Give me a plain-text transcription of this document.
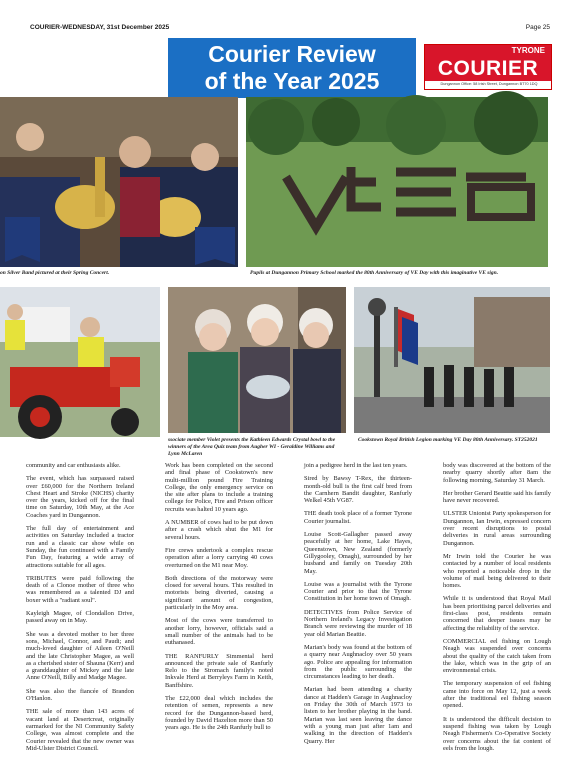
COURIER-WEDNESDAY, 31st December 2025	Page 25
Courier Review
of the Year 2025
TYRONE
COURIER
Dungannon Office: 58 Irish Street, Dungannon BT70 1DQ
on Silver Band pictured at their Spring Concert.	Pupils at Dungannon Primary School marked the 80th Anniversary of VE Day with this imaginative VE sign.
ssociate member Violet presents the Kathleen Edwards Crystal bowl to the winners of the Area Quiz team from Augher WI - Geraldine Williams and Lynn McLaren
Cookstown Royal British Legion marking VE Day 80th Anniversary. ST252021

community and car enthusiasts alike.

The event, which has surpassed raised over £60,000 for the Northern Ireland Chest Heart and Stroke (NICHS) charity over the years, kicked off for the final time on Saturday, 10th May, at the Ace Coaches yard in Dungannon.

The full day of entertainment and activities on Saturday included a tractor run and a classic car show while on Sunday, the fun continued with a Family Fun Day, featuring a wide array of attractions suitable for all ages.

TRIBUTES were paid following the death of a Clonoe mother of three who was remembered as a talented DJ and boxer with a "radiant soul".

Kayleigh Magee, of Clondallon Drive, passed away on in May.

She was a devoted mother to her three sons, Michael, Connor, and Paudi; and much-loved daughter of Aileen O'Neill and the late Christopher Magee, as well as a cherished sister of Shauna (Kerr) and a granddaughter of Mickey and the late Anne O'Neill, Billy and Madge Magee.

She was also the fiancée of Brandon O'Hanlon.

THE sale of more than 143 acres of vacant land at Desertcreat, originally earmarked for the NI Community Safety College, was almost complete and the Courier revealed that the new owner was Mid-Ulster District Council.

Work has been completed on the second and final phase of Cookstown's new multi-million pound Fire Training College, the only emergency service on the site after plans to include a training college for Police, Fire and Prison officer recruits was halted 10 years ago.

A NUMBER of cows had to be put down after a crash which shut the M1 for several hours.

Fire crews undertook a complex rescue operation after a lorry carrying 40 cows overturned on the M1 near Moy.

Both directions of the motorway were closed for several hours. This resulted in motorists being diverted, causing a significant amount of congestion, particularly in the Moy area.

Most of the cows were transferred to another lorry, however, officials said a small number of the animals had to be euthanased.

THE RANFURLY Simmental herd announced the private sale of Ranfurly Relo to the Stromach family's noted Inkvale Herd at Berryleys Farm in Keith, Banffshire.

The £22,000 deal which includes the retention of semen, represents a new record for the Dungannon-based herd, founded by David Hazelton more than 50 years ago. He is the 24th Ranfurly bull to

join a pedigree herd in the last ten years.

Sired by Bawsy T-Rex, the thirteen-month-old bull is the first calf bred from the Carnhern Bandit daughter, Ranfurly Welkel 45th VG87.

THE death took place of a former Tyrone Courier journalist.

Louise Scott-Gallagher passed away peacefully at her home, Lake Hayes, Queenstown, New Zealand (formerly Gillygooley, Omagh), surrounded by her husband and family on Tuesday 20th May.

Louise was a journalist with the Tyrone Courier and prior to that the Tyrone Constitution in her home town of Omagh.

DETECTIVES from Police Service of Northern Ireland's Legacy Investigation Branch were reviewing the murder of 18 year old Marian Beattie.

Marian's body was found at the bottom of a quarry near Aughnacloy over 50 years ago. Police are appealing for information from the public surrounding the circumstances leading to her death.

Marian had been attending a charity dance at Hadden's Garage in Aughnacloy on Friday the 30th of March 1973 to listen to her brother playing in the band. Marian was last seen leaving the dance with a young man just after 1am and walking in the direction of Hadden's Quarry. Her

body was discovered at the bottom of the nearby quarry shortly after 8am the following morning, Saturday 31 March.

Her brother Gerard Beattie said his family have never recovered.

ULSTER Unionist Party spokesperson for Dungannon, Ian Irwin, expressed concern over recent disruptions to postal deliveries in rural areas surrounding Dungannon.

Mr Irwin told the Courier he was contacted by a number of local residents who reported a noticeable drop in the volume of mail being delivered to their homes.

While it is understood that Royal Mail has been prioritising parcel deliveries and first-class post, residents remain concerned that deeper issues may be affecting the reliability of the service.

COMMERCIAL eel fishing on Lough Neagh was suspended over concerns about the quality of the catch taken from the lake, which was in the grip of an environmental crisis.

The temporary suspension of eel fishing came into force on May 12, just a week after the traditional eel fishing season opened.

It is understood the difficult decision to suspend fishing was taken by Lough Neagh Fishermen's Co-Operative Society over concerns about the fat content of eels from the lough.
